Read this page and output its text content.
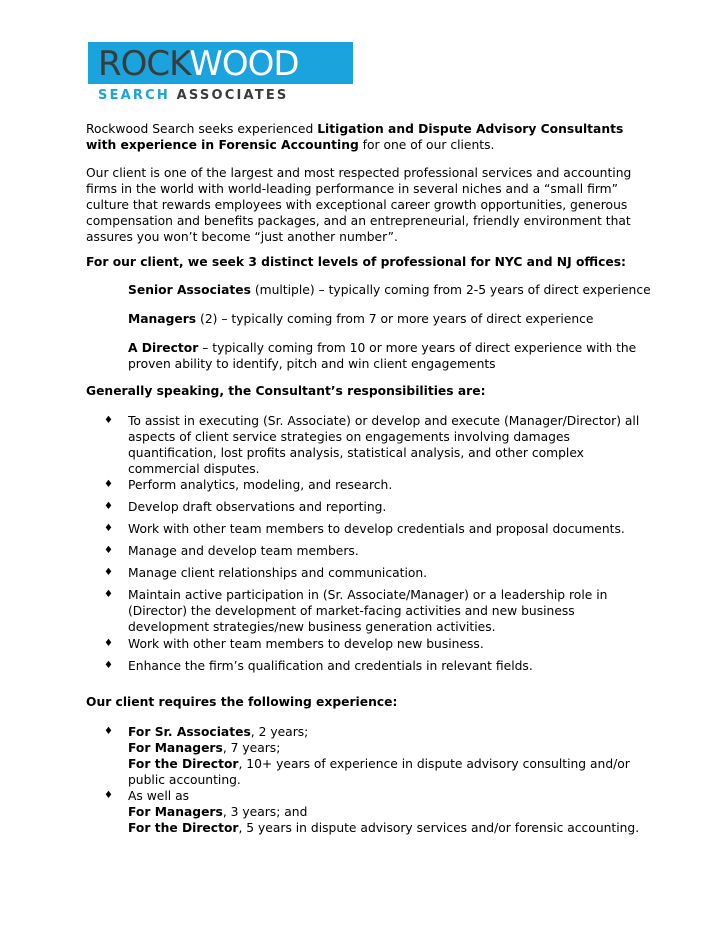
ROCKWOOD
SEARCH ASSOCIATES

Rockwood Search seeks experienced Litigation and Dispute Advisory Consultants with experience in Forensic Accounting for one of our clients.

Our client is one of the largest and most respected professional services and accounting firms in the world with world-leading performance in several niches and a “small firm” culture that rewards employees with exceptional career growth opportunities, generous compensation and benefits packages, and an entrepreneurial, friendly environment that assures you won’t become “just another number”.

For our client, we seek 3 distinct levels of professional for NYC and NJ offices:

Senior Associates (multiple) – typically coming from 2-5 years of direct experience

Managers (2) – typically coming from 7 or more years of direct experience

A Director – typically coming from 10 or more years of direct experience with the proven ability to identify, pitch and win client engagements

Generally speaking, the Consultant’s responsibilities are:

♦ To assist in executing (Sr. Associate) or develop and execute (Manager/Director) all aspects of client service strategies on engagements involving damages quantification, lost profits analysis, statistical analysis, and other complex commercial disputes.

♦ Perform analytics, modeling, and research.

♦ Develop draft observations and reporting.

♦ Work with other team members to develop credentials and proposal documents.

♦ Manage and develop team members.

♦ Manage client relationships and communication.

♦ Maintain active participation in (Sr. Associate/Manager) or a leadership role in (Director) the development of market-facing activities and new business development strategies/new business generation activities.

♦ Work with other team members to develop new business.

♦ Enhance the firm’s qualification and credentials in relevant fields.

Our client requires the following experience:

♦ For Sr. Associates, 2 years;

For Managers, 7 years;

For the Director, 10+ years of experience in dispute advisory consulting and/or public accounting.

♦ As well as

For Managers, 3 years; and

For the Director, 5 years in dispute advisory services and/or forensic accounting.
